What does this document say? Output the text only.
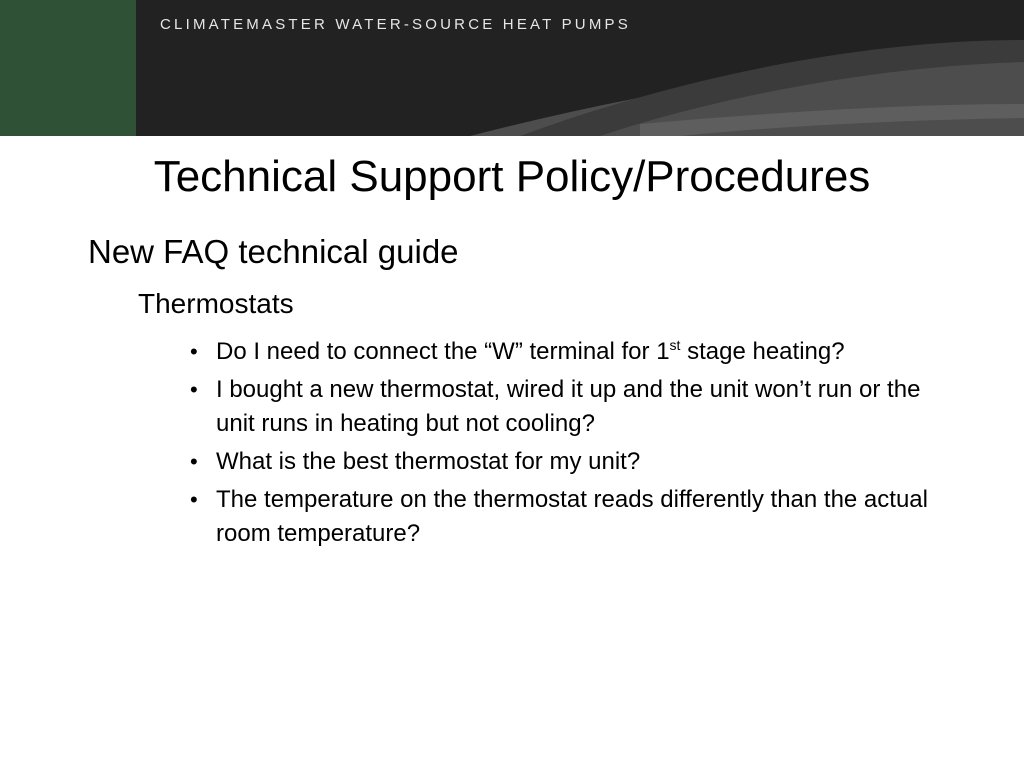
CLIMATEMASTER WATER-SOURCE HEAT PUMPS
Technical Support Policy/Procedures

New FAQ technical guide

Thermostats

• Do I need to connect the “W” terminal for 1st stage heating?
• I bought a new thermostat, wired it up and the unit won’t run or the unit runs in heating but not cooling?
• What is the best thermostat for my unit?
• The temperature on the thermostat reads differently than the actual room temperature?
